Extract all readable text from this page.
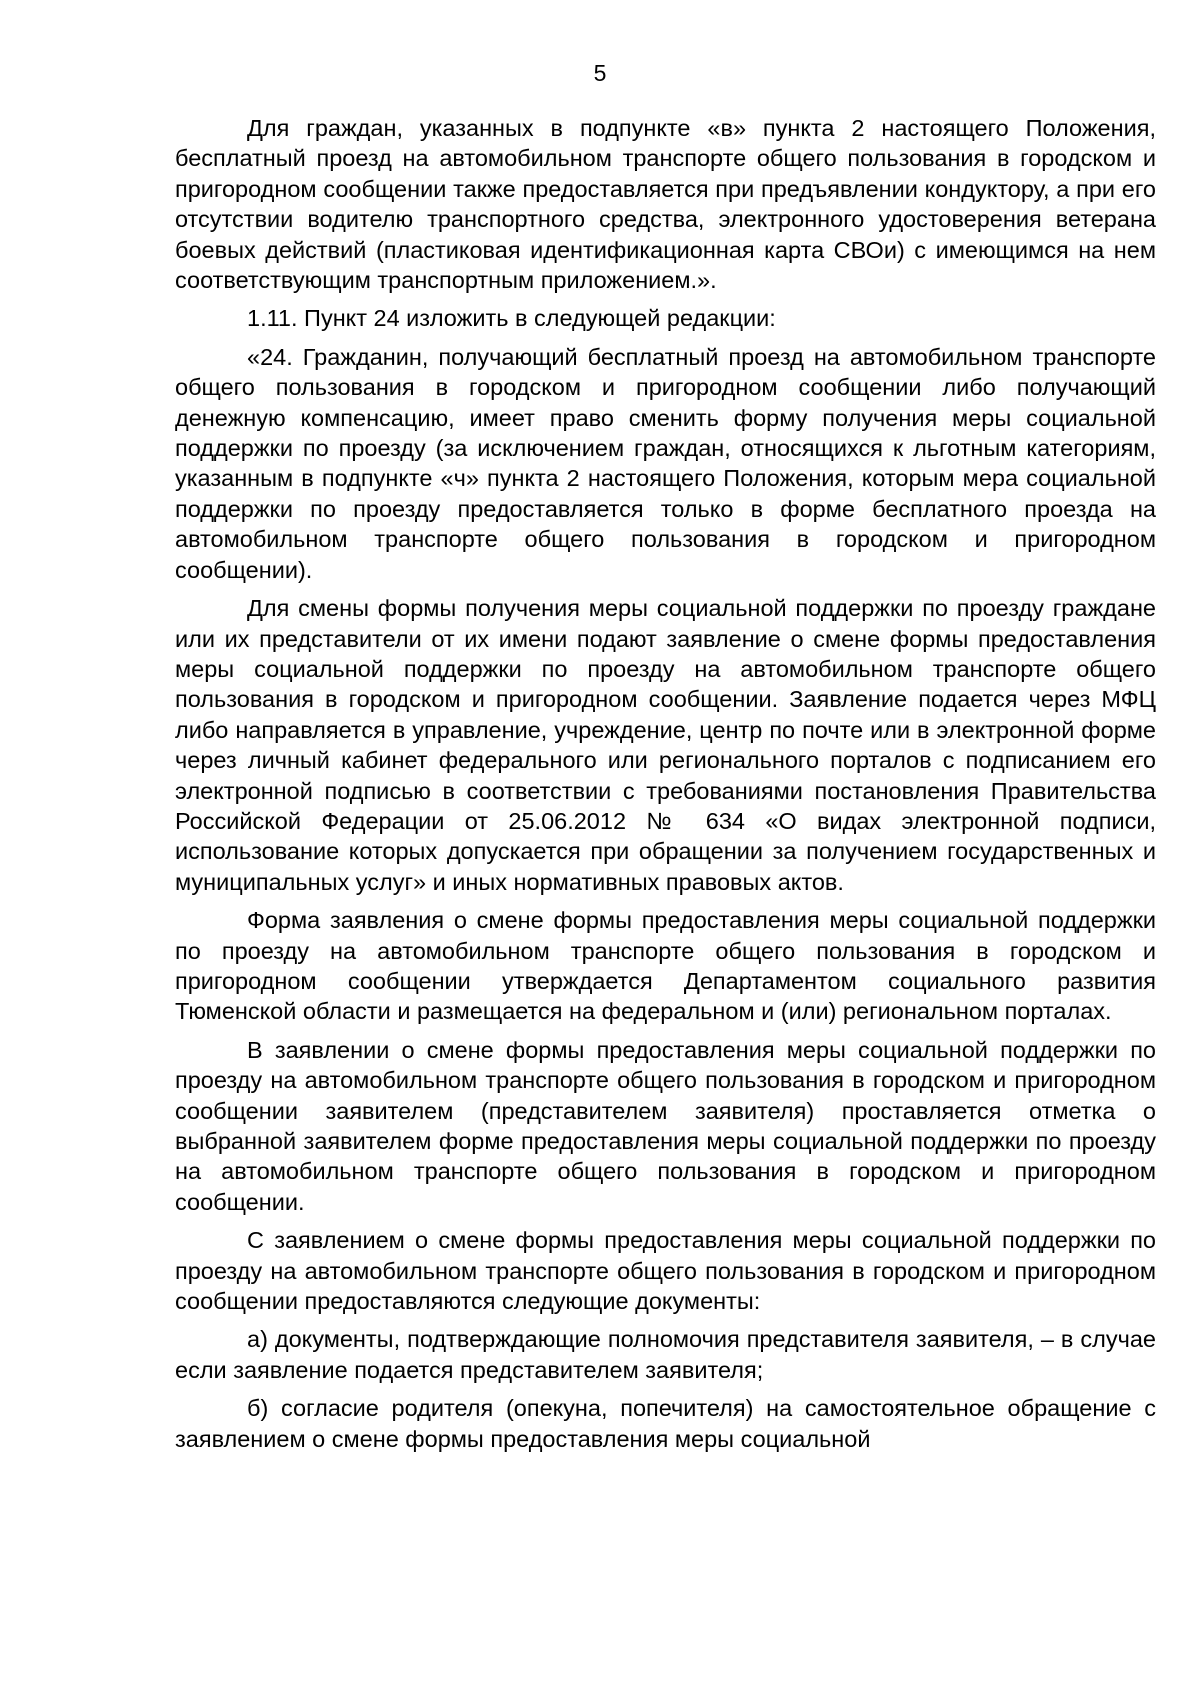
5

Для граждан, указанных в подпункте «в» пункта 2 настоящего Положения, бесплатный проезд на автомобильном транспорте общего пользования в городском и пригородном сообщении также предоставляется при предъявлении кондуктору, а при его отсутствии водителю транспортного средства, электронного удостоверения ветерана боевых действий (пластиковая идентификационная карта СВОи) с имеющимся на нем соответствующим транспортным приложением.».

1.11. Пункт 24 изложить в следующей редакции:

«24. Гражданин, получающий бесплатный проезд на автомобильном транспорте общего пользования в городском и пригородном сообщении либо получающий денежную компенсацию, имеет право сменить форму получения меры социальной поддержки по проезду (за исключением граждан, относящихся к льготным категориям, указанным в подпункте «ч» пункта 2 настоящего Положения, которым мера социальной поддержки по проезду предоставляется только в форме бесплатного проезда на автомобильном транспорте общего пользования в городском и пригородном сообщении).

Для смены формы получения меры социальной поддержки по проезду граждане или их представители от их имени подают заявление о смене формы предоставления меры социальной поддержки по проезду на автомобильном транспорте общего пользования в городском и пригородном сообщении. Заявление подается через МФЦ либо направляется в управление, учреждение, центр по почте или в электронной форме через личный кабинет федерального или регионального порталов с подписанием его электронной подписью в соответствии с требованиями постановления Правительства Российской Федерации от 25.06.2012 № 634 «О видах электронной подписи, использование которых допускается при обращении за получением государственных и муниципальных услуг» и иных нормативных правовых актов.

Форма заявления о смене формы предоставления меры социальной поддержки по проезду на автомобильном транспорте общего пользования в городском и пригородном сообщении утверждается Департаментом социального развития Тюменской области и размещается на федеральном и (или) региональном порталах.

В заявлении о смене формы предоставления меры социальной поддержки по проезду на автомобильном транспорте общего пользования в городском и пригородном сообщении заявителем (представителем заявителя) проставляется отметка о выбранной заявителем форме предоставления меры социальной поддержки по проезду на автомобильном транспорте общего пользования в городском и пригородном сообщении.

С заявлением о смене формы предоставления меры социальной поддержки по проезду на автомобильном транспорте общего пользования в городском и пригородном сообщении предоставляются следующие документы:

а) документы, подтверждающие полномочия представителя заявителя, – в случае если заявление подается представителем заявителя;

б) согласие родителя (опекуна, попечителя) на самостоятельное обращение с заявлением о смене формы предоставления меры социальной
